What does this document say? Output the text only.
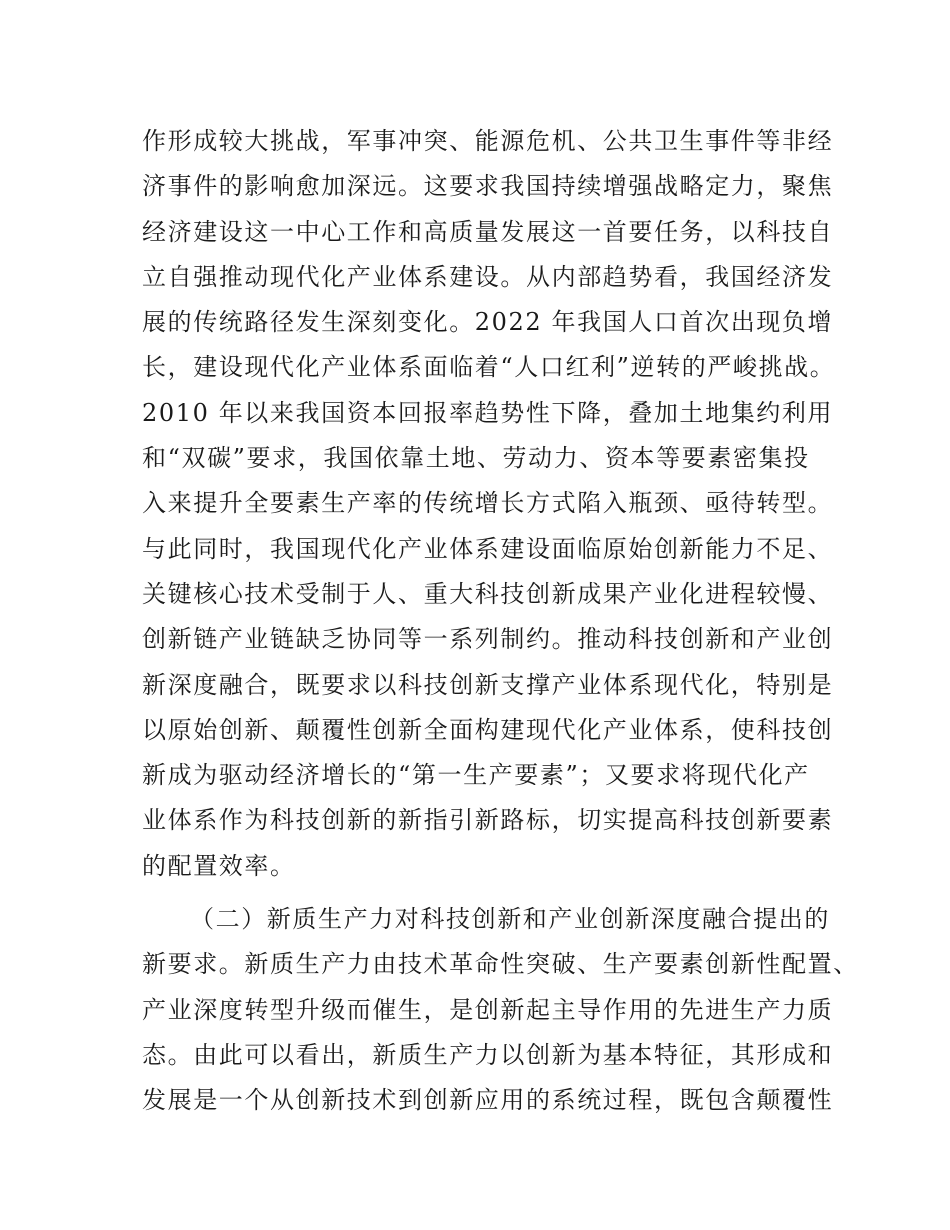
作形成较大挑战，军事冲突、能源危机、公共卫生事件等非经
济事件的影响愈加深远。这要求我国持续增强战略定力，聚焦
经济建设这一中心工作和高质量发展这一首要任务，以科技自
立自强推动现代化产业体系建设。从内部趋势看，我国经济发
展的传统路径发生深刻变化。2022 年我国人口首次出现负增
长，建设现代化产业体系面临着“人口红利”逆转的严峻挑战。
2010 年以来我国资本回报率趋势性下降，叠加土地集约利用
和“双碳”要求，我国依靠土地、劳动力、资本等要素密集投
入来提升全要素生产率的传统增长方式陷入瓶颈、亟待转型。
与此同时，我国现代化产业体系建设面临原始创新能力不足、
关键核心技术受制于人、重大科技创新成果产业化进程较慢、
创新链产业链缺乏协同等一系列制约。推动科技创新和产业创
新深度融合，既要求以科技创新支撑产业体系现代化，特别是
以原始创新、颠覆性创新全面构建现代化产业体系，使科技创
新成为驱动经济增长的“第一生产要素”；又要求将现代化产
业体系作为科技创新的新指引新路标，切实提高科技创新要素
的配置效率。
（二）新质生产力对科技创新和产业创新深度融合提出的
新要求。新质生产力由技术革命性突破、生产要素创新性配置、
产业深度转型升级而催生，是创新起主导作用的先进生产力质
态。由此可以看出，新质生产力以创新为基本特征，其形成和
发展是一个从创新技术到创新应用的系统过程，既包含颠覆性
